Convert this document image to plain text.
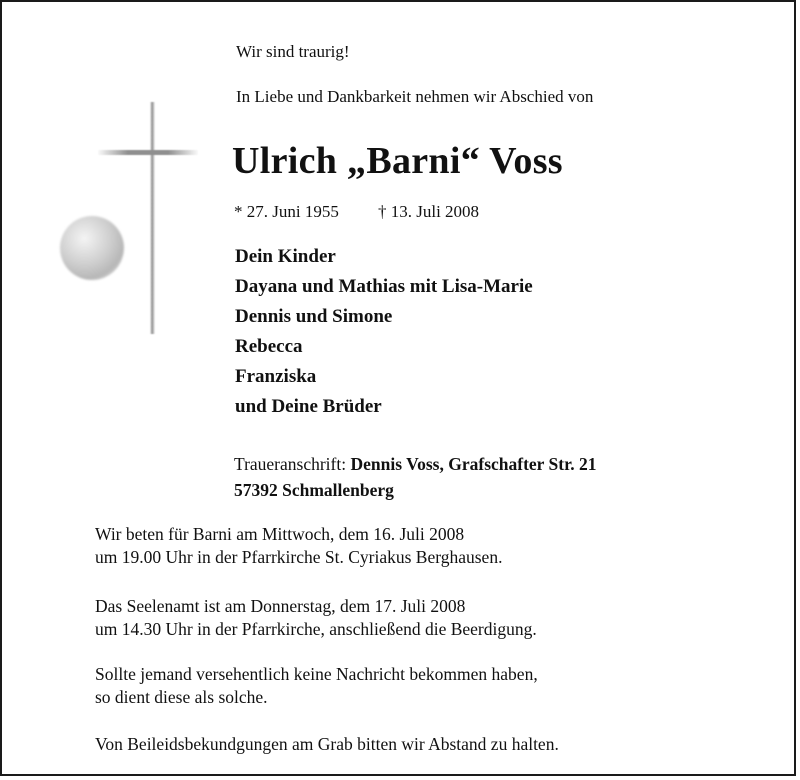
Wir sind traurig!
In Liebe und Dankbarkeit nehmen wir Abschied von
Ulrich „Barni“ Voss
* 27. Juni 1955 † 13. Juli 2008
Dein Kinder
Dayana und Mathias mit Lisa-Marie
Dennis und Simone
Rebecca
Franziska
und Deine Brüder
Traueranschrift: Dennis Voss, Grafschafter Str. 21
57392 Schmallenberg
Wir beten für Barni am Mittwoch, dem 16. Juli 2008
um 19.00 Uhr in der Pfarrkirche St. Cyriakus Berghausen.
Das Seelenamt ist am Donnerstag, dem 17. Juli 2008
um 14.30 Uhr in der Pfarrkirche, anschließend die Beerdigung.
Sollte jemand versehentlich keine Nachricht bekommen haben,
so dient diese als solche.
Von Beileidsbekundgungen am Grab bitten wir Abstand zu halten.
